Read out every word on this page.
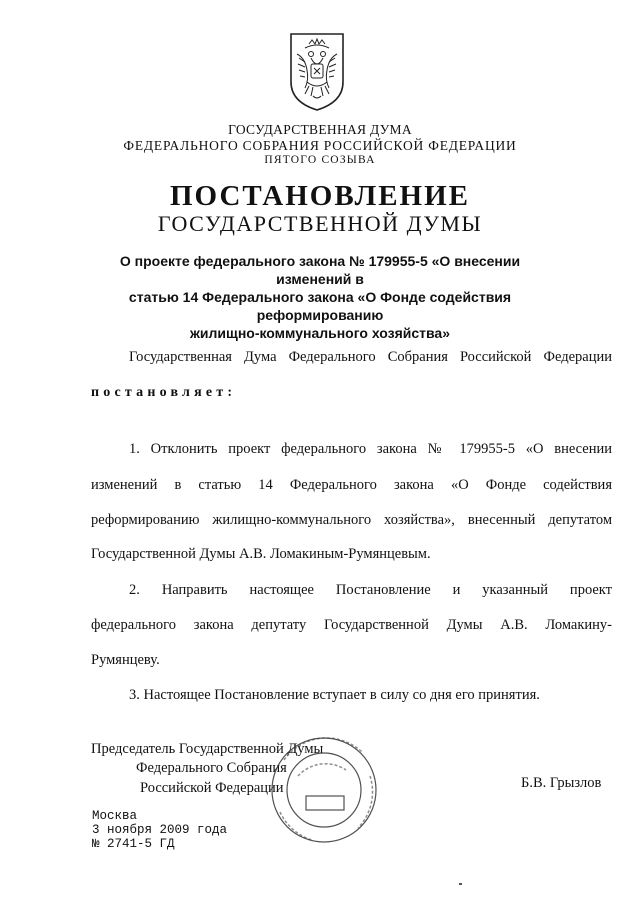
ГОСУДАРСТВЕННАЯ ДУМА
ФЕДЕРАЛЬНОГО СОБРАНИЯ РОССИЙСКОЙ ФЕДЕРАЦИИ
ПЯТОГО СОЗЫВА
ПОСТАНОВЛЕНИЕ
ГОСУДАРСТВЕННОЙ ДУМЫ
О проекте федерального закона № 179955-5 «О внесении изменений в
статью 14 Федерального закона «О Фонде содействия реформированию
жилищно-коммунального хозяйства»
Государственная Дума Федерального Собрания Российской Федерации
постановляет:
1. Отклонить проект федерального закона № 179955-5 «О внесении
изменений в статью 14 Федерального закона «О Фонде содействия
реформированию жилищно-коммунального хозяйства», внесенный депутатом
Государственной Думы А.В. Ломакиным-Румянцевым.
2. Направить настоящее Постановление и указанный проект
федерального закона депутату Государственной Думы А.В. Ломакину-
Румянцеву.
3. Настоящее Постановление вступает в силу со дня его принятия.
Председатель Государственной Думы
Федерального Собрания
Российской Федерации	Б.В. Грызлов
Москва
3 ноября 2009 года
№ 2741-5 ГД
